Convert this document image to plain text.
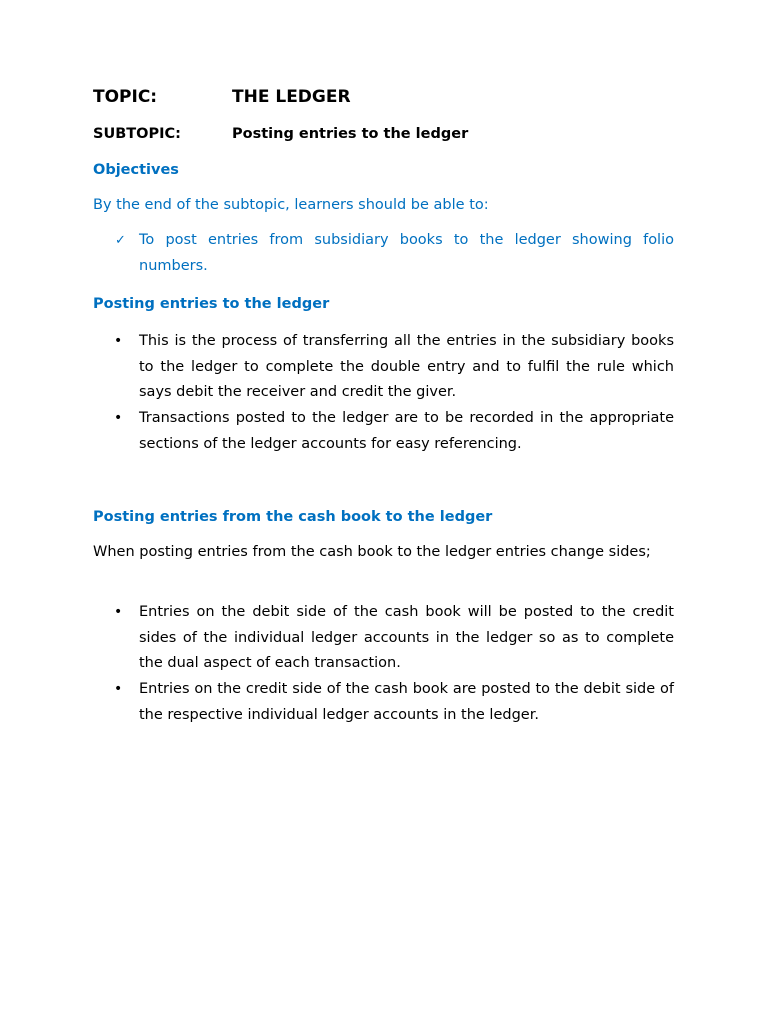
TOPIC:	THE LEDGER
SUBTOPIC:	Posting entries to the ledger
Objectives
By the end of the subtopic, learners should be able to:
✓ To post entries from subsidiary books to the ledger showing folio numbers.
Posting entries to the ledger
• This is the process of transferring all the entries in the subsidiary books to the ledger to complete the double entry and to fulfil the rule which says debit the receiver and credit the giver.
• Transactions posted to the ledger are to be recorded in the appropriate sections of the ledger accounts for easy referencing.
Posting entries from the cash book to the ledger
When posting entries from the cash book to the ledger entries change sides;
• Entries on the debit side of the cash book will be posted to the credit sides of the individual ledger accounts in the ledger so as to complete the dual aspect of each transaction.
• Entries on the credit side of the cash book are posted to the debit side of the respective individual ledger accounts in the ledger.
